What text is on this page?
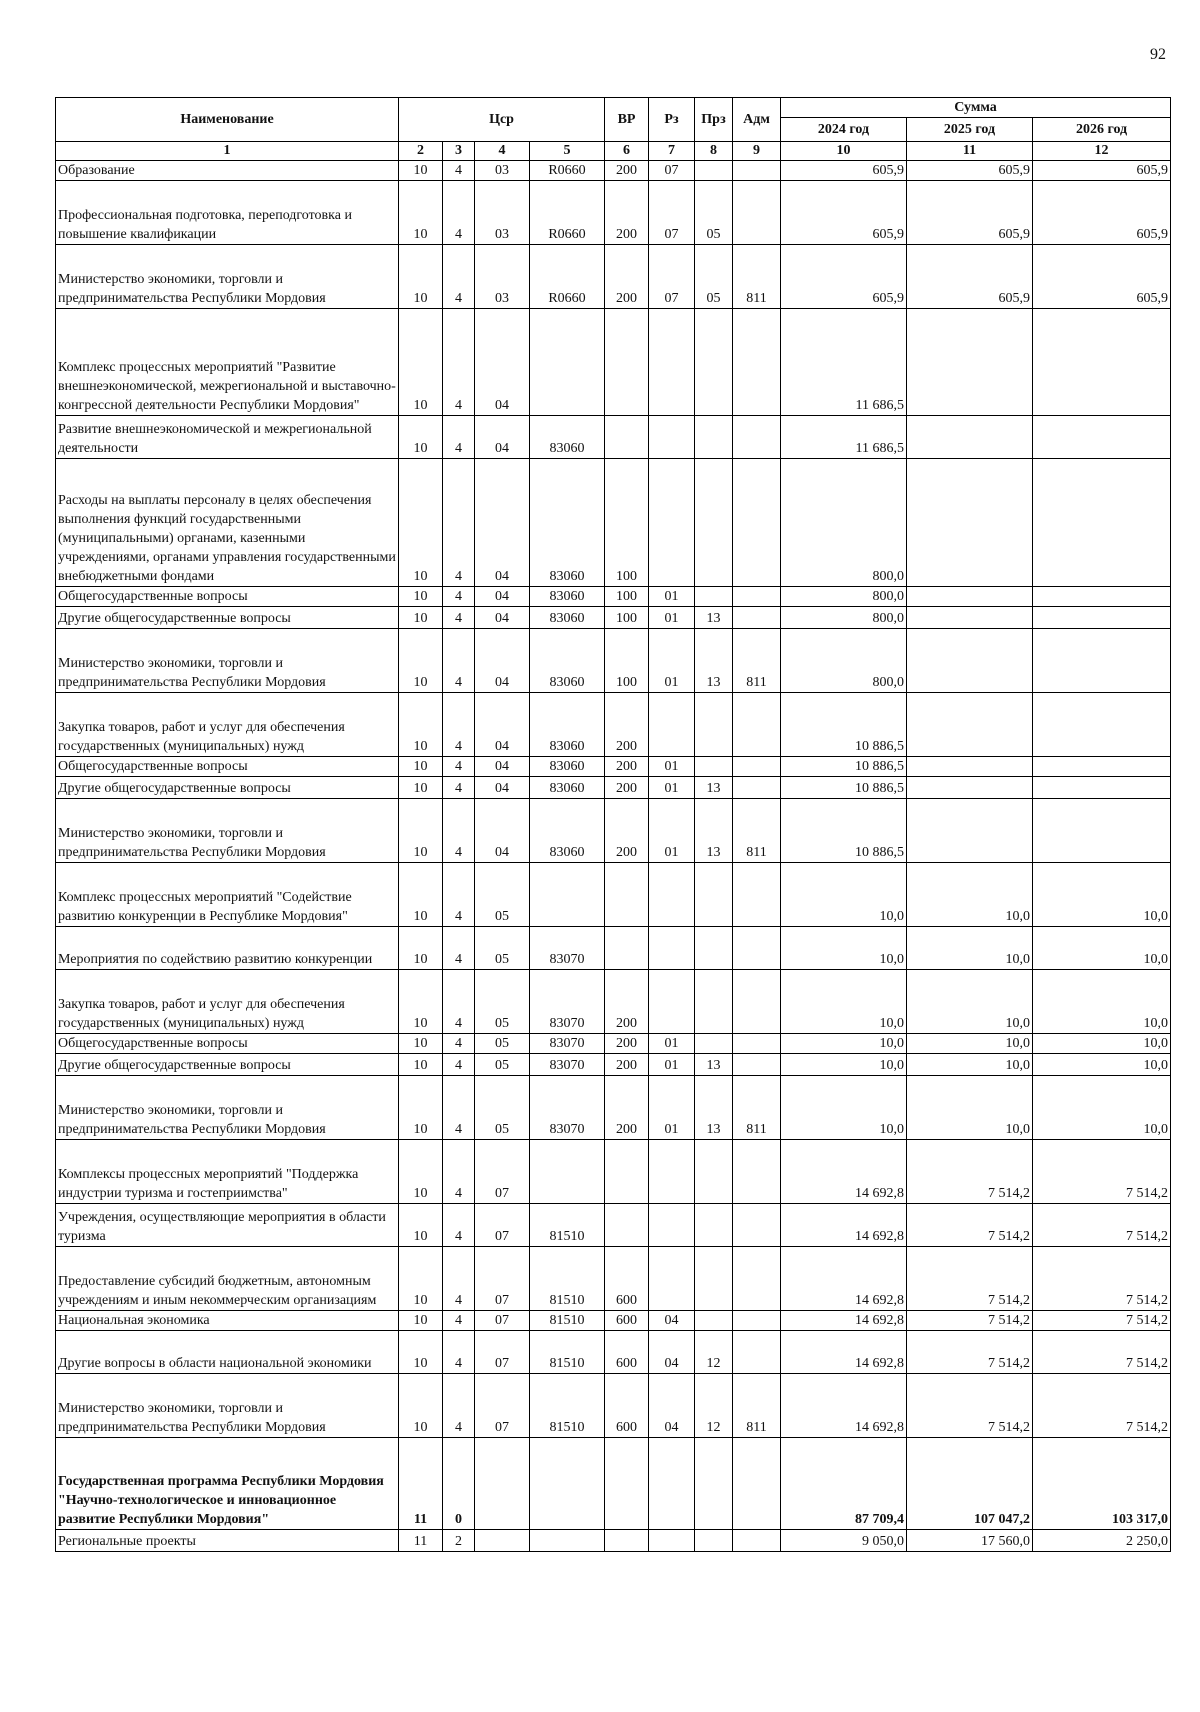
92
Наименование	Цср				ВР	Рз	Прз	Адм	Сумма		
									2024 год	2025 год	2026 год
1	2	3	4	5	6	7	8	9	10	11	12
Образование	10	4	03	R0660	200	07			605,9	605,9	605,9
Профессиональная подготовка, переподготовка и повышение квалификации	10	4	03	R0660	200	07	05		605,9	605,9	605,9
Министерство экономики, торговли и предпринимательства Республики Мордовия	10	4	03	R0660	200	07	05	811	605,9	605,9	605,9
Комплекс процессных мероприятий "Развитие внешнеэкономической, межрегиональной и выставочно-конгрессной деятельности Республики Мордовия"	10	4	04						11 686,5		
Развитие внешнеэкономической и межрегиональной деятельности	10	4	04	83060					11 686,5		
Расходы на выплаты персоналу в целях обеспечения выполнения функций государственными (муниципальными) органами, казенными учреждениями, органами управления государственными внебюджетными фондами	10	4	04	83060	100				800,0		
Общегосударственные вопросы	10	4	04	83060	100	01			800,0		
Другие общегосударственные вопросы	10	4	04	83060	100	01	13		800,0		
Министерство экономики, торговли и предпринимательства Республики Мордовия	10	4	04	83060	100	01	13	811	800,0		
Закупка товаров, работ и услуг для обеспечения государственных (муниципальных) нужд	10	4	04	83060	200				10 886,5		
Общегосударственные вопросы	10	4	04	83060	200	01			10 886,5		
Другие общегосударственные вопросы	10	4	04	83060	200	01	13		10 886,5		
Министерство экономики, торговли и предпринимательства Республики Мордовия	10	4	04	83060	200	01	13	811	10 886,5		
Комплекс процессных мероприятий "Содействие развитию конкуренции в Республике Мордовия"	10	4	05						10,0	10,0	10,0
Мероприятия по содействию развитию конкуренции	10	4	05	83070					10,0	10,0	10,0
Закупка товаров, работ и услуг для обеспечения государственных (муниципальных) нужд	10	4	05	83070	200				10,0	10,0	10,0
Общегосударственные вопросы	10	4	05	83070	200	01			10,0	10,0	10,0
Другие общегосударственные вопросы	10	4	05	83070	200	01	13		10,0	10,0	10,0
Министерство экономики, торговли и предпринимательства Республики Мордовия	10	4	05	83070	200	01	13	811	10,0	10,0	10,0
Комплексы процессных мероприятий "Поддержка индустрии туризма и гостеприимства"	10	4	07						14 692,8	7 514,2	7 514,2
Учреждения, осуществляющие мероприятия в области туризма	10	4	07	81510					14 692,8	7 514,2	7 514,2
Предоставление субсидий бюджетным, автономным учреждениям и иным некоммерческим организациям	10	4	07	81510	600				14 692,8	7 514,2	7 514,2
Национальная экономика	10	4	07	81510	600	04			14 692,8	7 514,2	7 514,2
Другие вопросы в области национальной экономики	10	4	07	81510	600	04	12		14 692,8	7 514,2	7 514,2
Министерство экономики, торговли и предпринимательства Республики Мордовия	10	4	07	81510	600	04	12	811	14 692,8	7 514,2	7 514,2
Государственная программа Республики Мордовия "Научно-технологическое и инновационное развитие Республики Мордовия"	11	0							87 709,4	107 047,2	103 317,0
Региональные проекты	11	2							9 050,0	17 560,0	2 250,0
